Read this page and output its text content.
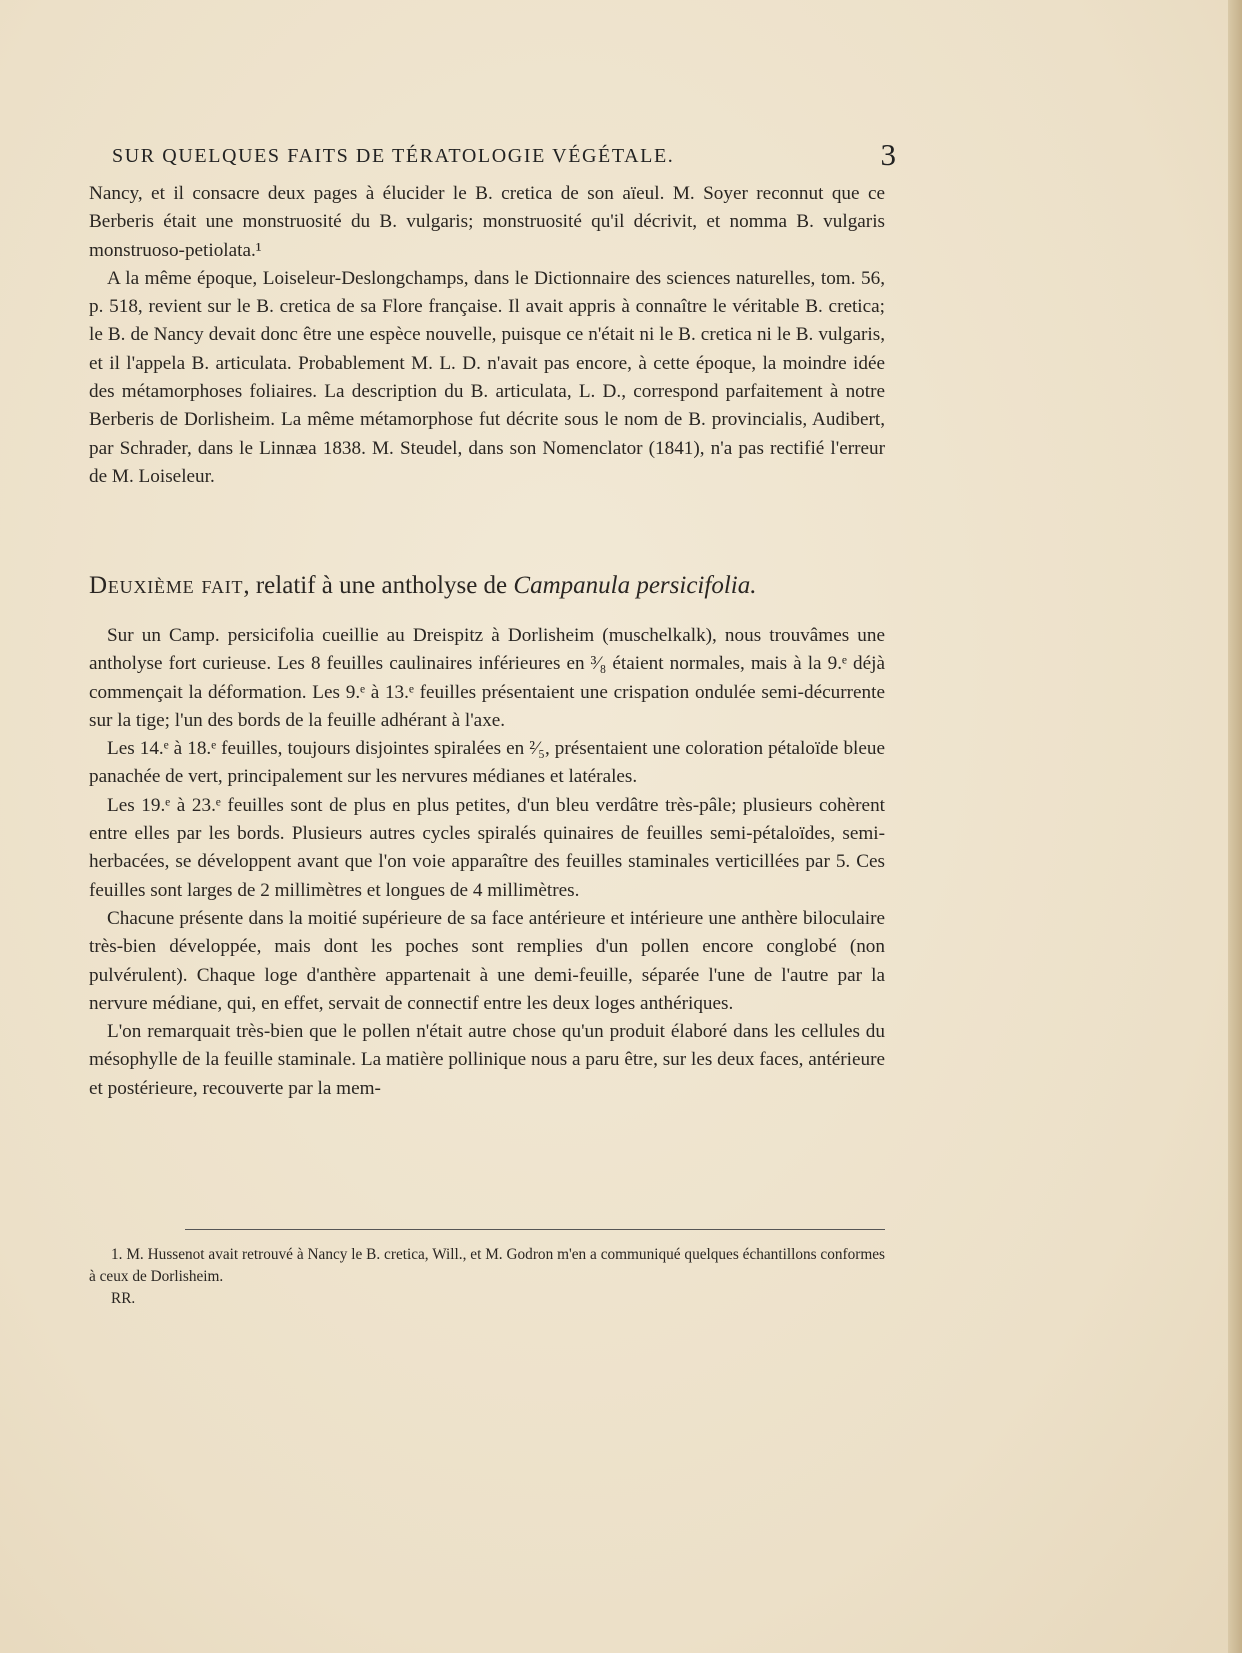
SUR QUELQUES FAITS DE TÉRATOLOGIE VÉGÉTALE.	3

Nancy, et il consacre deux pages à élucider le B. cretica de son aïeul. M. Soyer reconnut que ce Berberis était une monstruosité du B. vulgaris; monstruosité qu'il décrivit, et nomma B. vulgaris monstruoso-petiolata.¹

A la même époque, Loiseleur-Deslongchamps, dans le Dictionnaire des sciences naturelles, tom. 56, p. 518, revient sur le B. cretica de sa Flore française. Il avait appris à connaître le véritable B. cretica; le B. de Nancy devait donc être une espèce nouvelle, puisque ce n'était ni le B. cretica ni le B. vulgaris, et il l'appela B. articulata. Probablement M. L. D. n'avait pas encore, à cette époque, la moindre idée des métamorphoses foliaires. La description du B. articulata, L. D., correspond parfaitement à notre Berberis de Dorlisheim. La même métamorphose fut décrite sous le nom de B. provincialis, Audibert, par Schrader, dans le Linnæa 1838. M. Steudel, dans son Nomenclator (1841), n'a pas rectifié l'erreur de M. Loiseleur.

Deuxième fait, relatif à une antholyse de Campanula persicifolia.

Sur un Camp. persicifolia cueillie au Dreispitz à Dorlisheim (muschelkalk), nous trouvâmes une antholyse fort curieuse. Les 8 feuilles caulinaires inférieures en ³⁄₈ étaient normales, mais à la 9.ᵉ déjà commençait la déformation. Les 9.ᵉ à 13.ᵉ feuilles présentaient une crispation ondulée semi-décurrente sur la tige; l'un des bords de la feuille adhérant à l'axe.

Les 14.ᵉ à 18.ᵉ feuilles, toujours disjointes spiralées en ²⁄₅, présentaient une coloration pétaloïde bleue panachée de vert, principalement sur les nervures médianes et latérales.

Les 19.ᵉ à 23.ᵉ feuilles sont de plus en plus petites, d'un bleu verdâtre très-pâle; plusieurs cohèrent entre elles par les bords. Plusieurs autres cycles spiralés quinaires de feuilles semi-pétaloïdes, semi-herbacées, se développent avant que l'on voie apparaître des feuilles staminales verticillées par 5. Ces feuilles sont larges de 2 millimètres et longues de 4 millimètres.

Chacune présente dans la moitié supérieure de sa face antérieure et intérieure une anthère biloculaire très-bien développée, mais dont les poches sont remplies d'un pollen encore conglobé (non pulvérulent). Chaque loge d'anthère appartenait à une demi-feuille, séparée l'une de l'autre par la nervure médiane, qui, en effet, servait de connectif entre les deux loges anthériques.

L'on remarquait très-bien que le pollen n'était autre chose qu'un produit élaboré dans les cellules du mésophylle de la feuille staminale. La matière pollinique nous a paru être, sur les deux faces, antérieure et postérieure, recouverte par la mem-

1. M. Hussenot avait retrouvé à Nancy le B. cretica, Will., et M. Godron m'en a communiqué quelques échantillons conformes à ceux de Dorlisheim.

RR.
